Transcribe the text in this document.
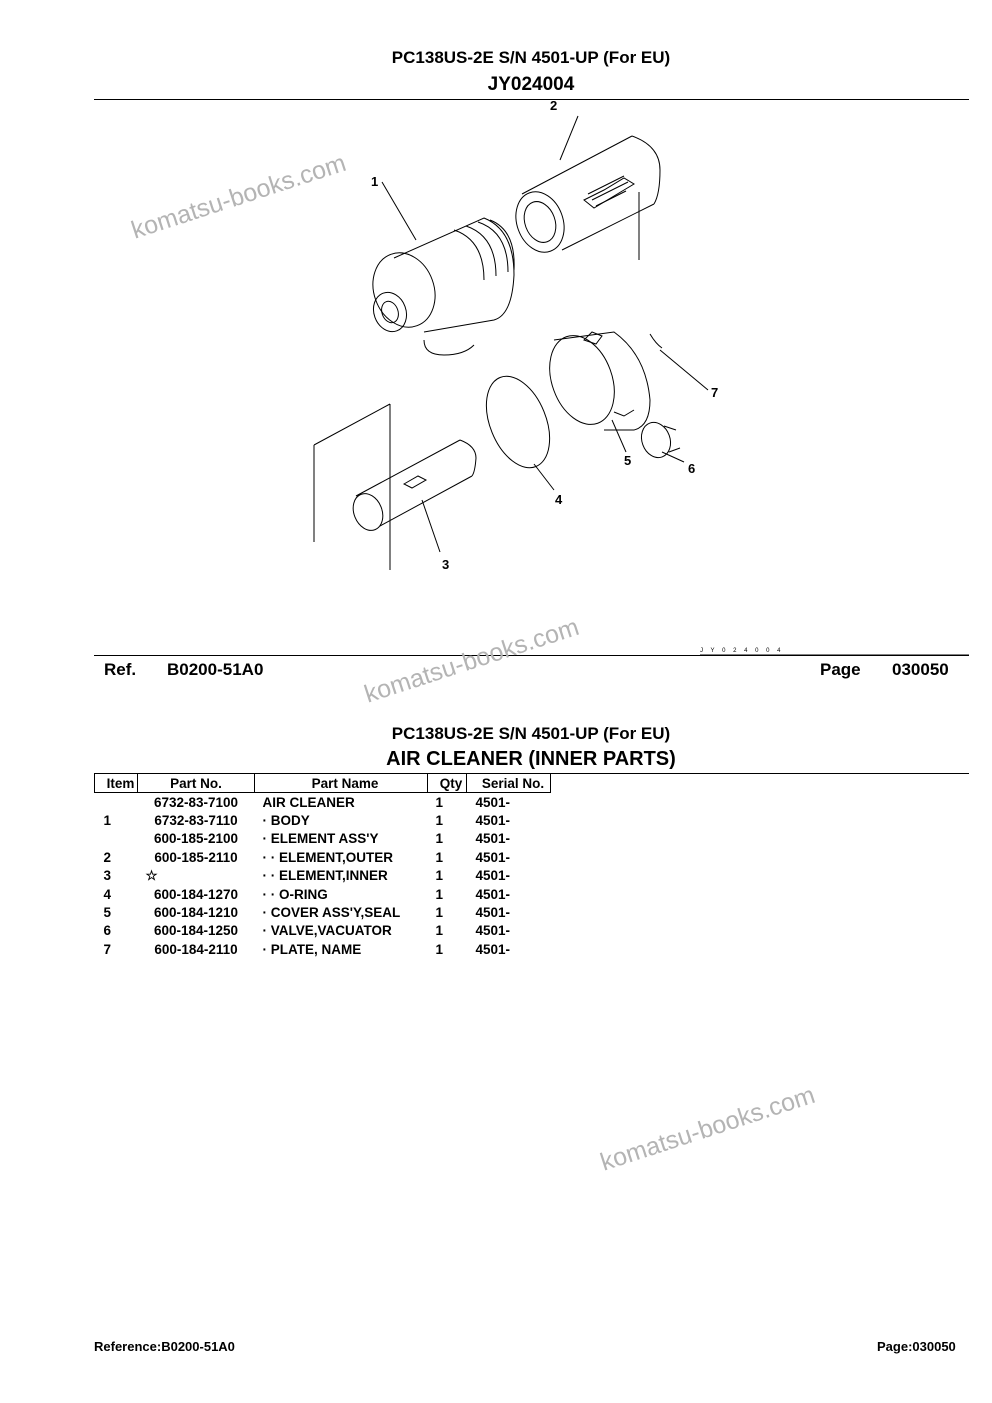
PC138US-2E S/N 4501-UP (For EU)
JY024004
2
1
7
5
6
4
3
J Y 0 2 4 0 0 4
Ref. B0200-51A0	Page 030050
PC138US-2E S/N 4501-UP (For EU)
AIR CLEANER (INNER PARTS)
Item	Part No.	Part Name	Qty	Serial No.
	6732-83-7100	AIR CLEANER	1	4501-
1	6732-83-7110	· BODY	1	4501-
	600-185-2100	· ELEMENT ASS'Y	1	4501-
2	600-185-2110	· · ELEMENT,OUTER	1	4501-
3	☆	· · ELEMENT,INNER	1	4501-
4	600-184-1270	· · O-RING	1	4501-
5	600-184-1210	· COVER ASS'Y,SEAL	1	4501-
6	600-184-1250	· VALVE,VACUATOR	1	4501-
7	600-184-2110	· PLATE, NAME	1	4501-
komatsu-books.com
komatsu-books.com
komatsu-books.com
Reference:B0200-51A0	Page:030050
